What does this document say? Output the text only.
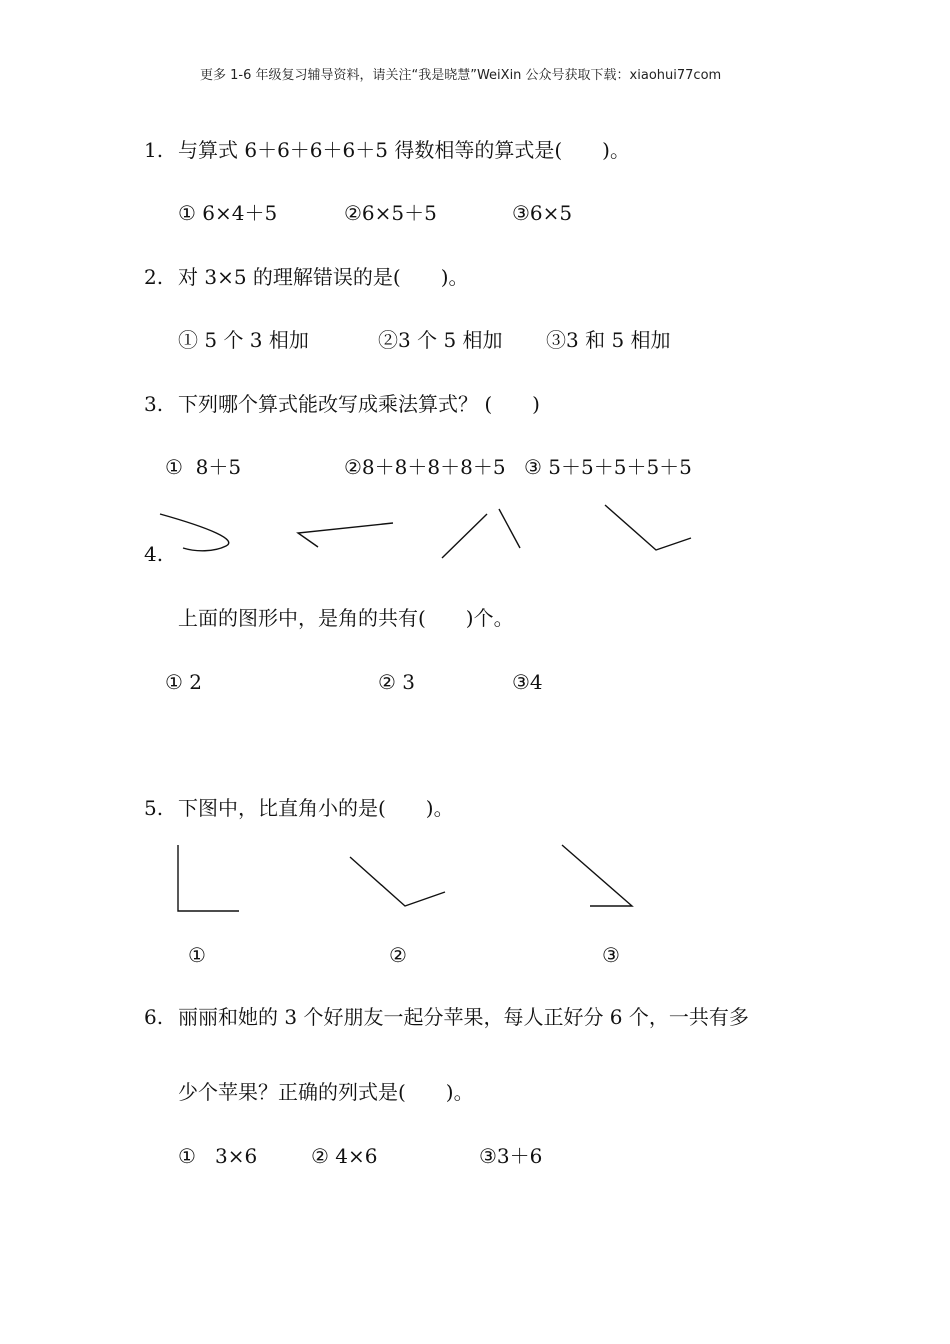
更多 1-6 年级复习辅导资料，请关注“我是晓慧”WeiXin 公众号获取下载：xiaohui77com
1. 与算式 6＋6＋6＋6＋5 得数相等的算式是(　　)。
① 6×4＋5	②6×5＋5	③6×5
2. 对 3×5 的理解错误的是(　　)。
① 5 个 3 相加	②3 个 5 相加 ③3 和 5 相加
3. 下列哪个算式能改写成乘法算式？ (　　)
①  8＋5	②8＋8＋8＋8＋5 ③ 5＋5＋5＋5＋5
4.
上面的图形中，是角的共有(　　)个。
① 2	② 3	③4
5. 下图中，比直角小的是(　　)。
①	②	③
6. 丽丽和她的 3 个好朋友一起分苹果，每人正好分 6 个，一共有多
少个苹果？正确的列式是(　　)。
①   3×6	② 4×6	③3＋6
